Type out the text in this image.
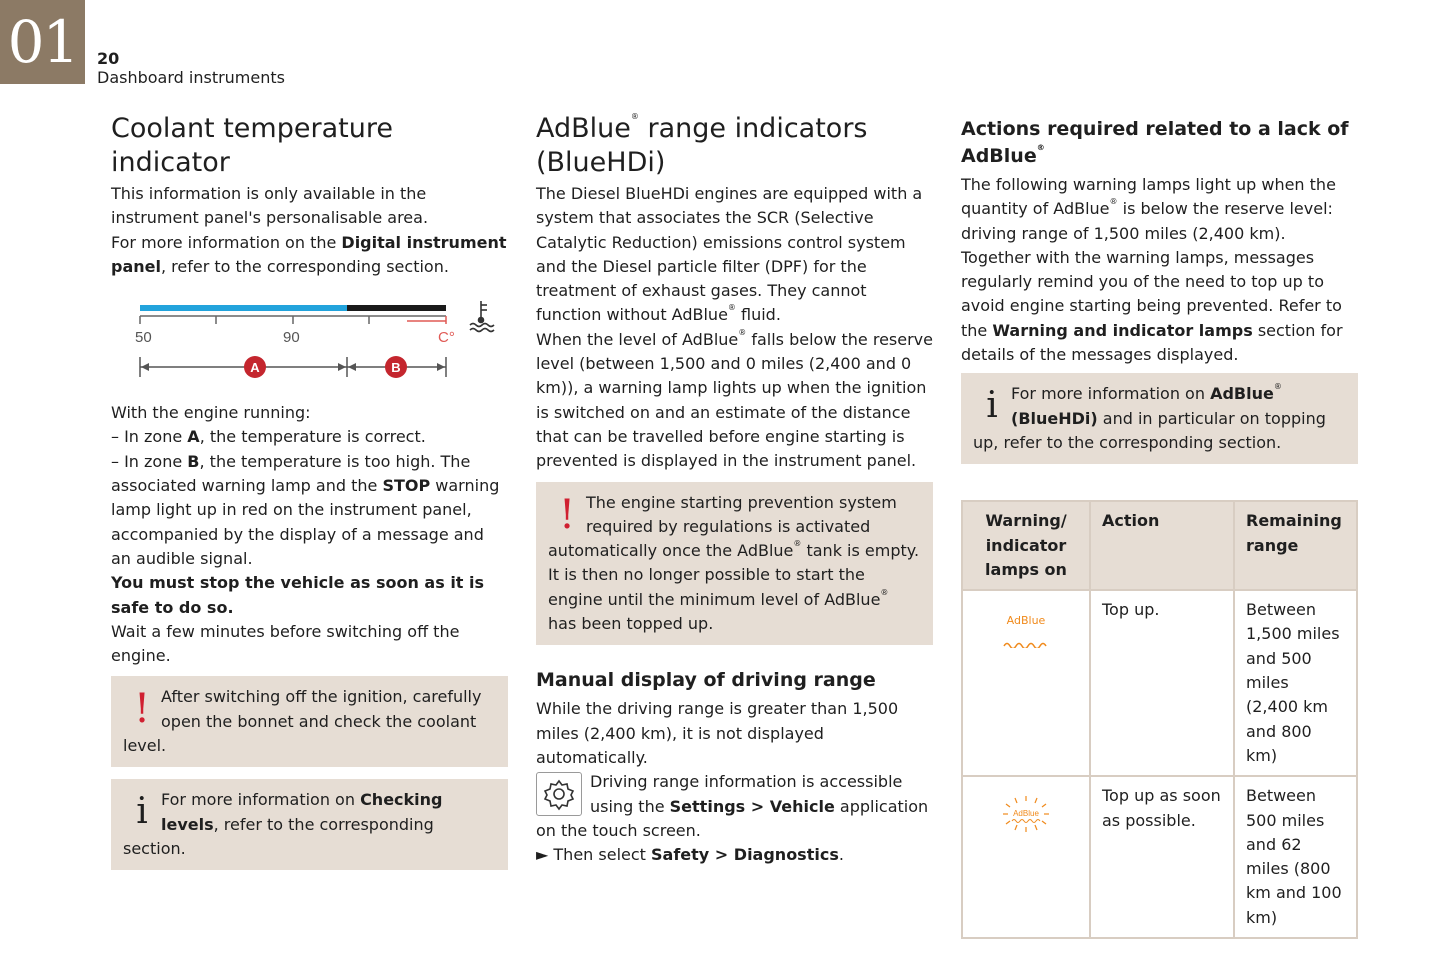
01	20
Dashboard instruments
Coolant temperature indicator

This information is only available in the instrument panel's personalisable area.

For more information on the Digital instrument panel, refer to the corresponding section.

50	90	C°
A	B

With the engine running:

– In zone A, the temperature is correct.

– In zone B, the temperature is too high. The associated warning lamp and the STOP warning lamp light up in red on the instrument panel, accompanied by the display of a message and an audible signal.

You must stop the vehicle as soon as it is safe to do so.

Wait a few minutes before switching off the engine.

! After switching off the ignition, carefully open the bonnet and check the coolant level.
i For more information on Checking levels, refer to the corresponding section.
AdBlue® range indicators
(BlueHDi)

The Diesel BlueHDi engines are equipped with a system that associates the SCR (Selective Catalytic Reduction) emissions control system and the Diesel particle filter (DPF) for the treatment of exhaust gases. They cannot function without AdBlue® fluid.

When the level of AdBlue® falls below the reserve level (between 1,500 and 0 miles (2,400 and 0 km)), a warning lamp lights up when the ignition is switched on and an estimate of the distance that can be travelled before engine starting is prevented is displayed in the instrument panel.

! The engine starting prevention system required by regulations is activated automatically once the AdBlue® tank is empty. It is then no longer possible to start the engine until the minimum level of AdBlue® has been topped up.
Manual display of driving range

While the driving range is greater than 1,500 miles (2,400 km), it is not displayed automatically.

Driving range information is accessible using the Settings > Vehicle application on the touch screen.

► Then select Safety > Diagnostics.

Actions required related to a lack of AdBlue®

The following warning lamps light up when the quantity of AdBlue® is below the reserve level: driving range of 1,500 miles (2,400 km).

Together with the warning lamps, messages regularly remind you of the need to top up to avoid engine starting being prevented. Refer to the Warning and indicator lamps section for details of the messages displayed.

i For more information on AdBlue®
(BlueHDi) and in particular on topping up, refer to the corresponding section.
Warning/ indicator lamps on	Action	Remaining range

AdBlue	Top up.	Between 1,500 miles and 500 miles (2,400 km and 800 km)

AdBlue	Top up as soon as possible.	Between 500 miles and 62 miles (800 km and 100 km)
